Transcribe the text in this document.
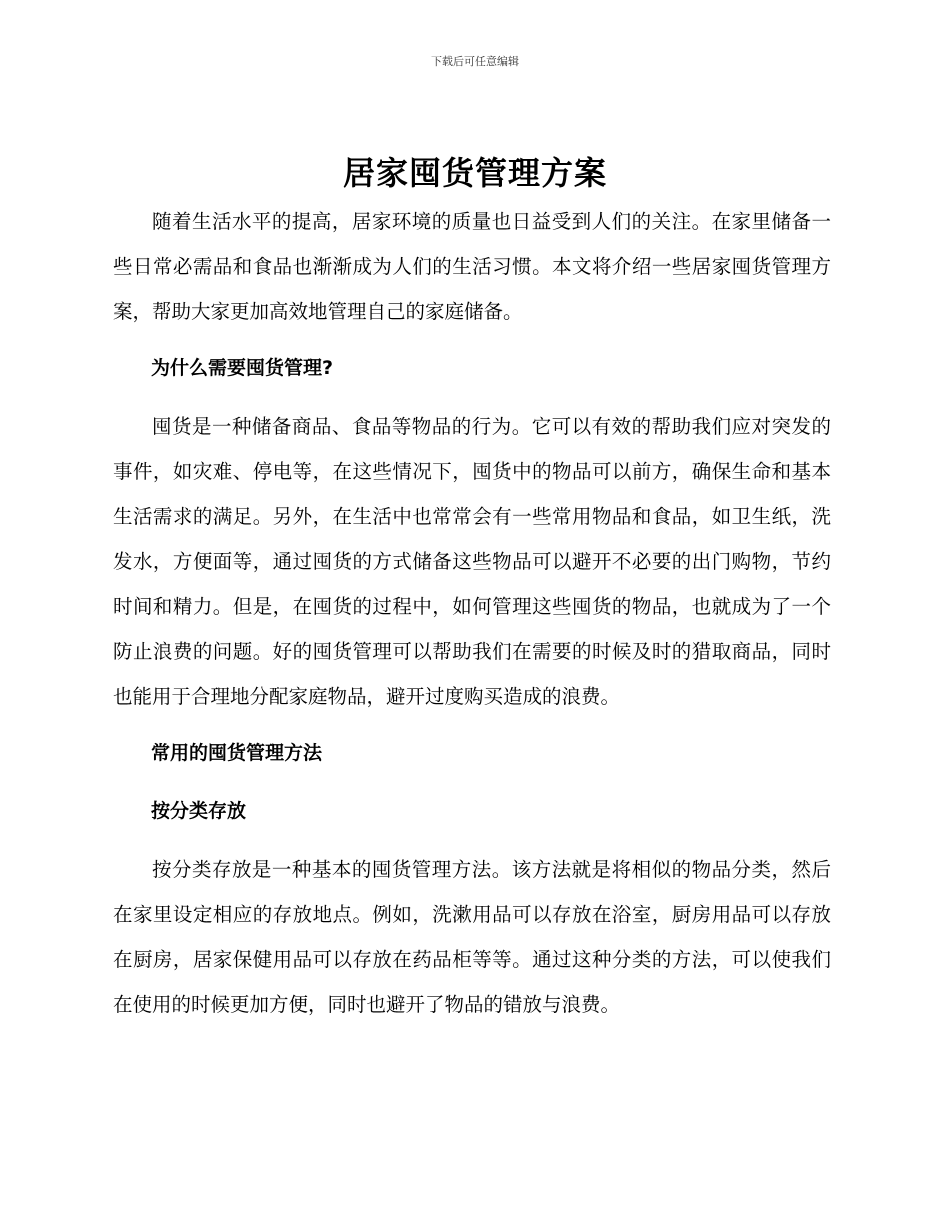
下载后可任意编辑
居家囤货管理方案

随着生活水平的提高，居家环境的质量也日益受到人们的关注。在家里储备一些日常必需品和食品也渐渐成为人们的生活习惯。本文将介绍一些居家囤货管理方案，帮助大家更加高效地管理自己的家庭储备。

为什么需要囤货管理?

囤货是一种储备商品、食品等物品的行为。它可以有效的帮助我们应对突发的事件，如灾难、停电等，在这些情况下，囤货中的物品可以前方，确保生命和基本生活需求的满足。另外，在生活中也常常会有一些常用物品和食品，如卫生纸，洗发水，方便面等，通过囤货的方式储备这些物品可以避开不必要的出门购物，节约时间和精力。但是，在囤货的过程中，如何管理这些囤货的物品，也就成为了一个防止浪费的问题。好的囤货管理可以帮助我们在需要的时候及时的猎取商品，同时也能用于合理地分配家庭物品，避开过度购买造成的浪费。

常用的囤货管理方法

按分类存放

按分类存放是一种基本的囤货管理方法。该方法就是将相似的物品分类，然后在家里设定相应的存放地点。例如，洗漱用品可以存放在浴室，厨房用品可以存放在厨房，居家保健用品可以存放在药品柜等等。通过这种分类的方法，可以使我们在使用的时候更加方便，同时也避开了物品的错放与浪费。
